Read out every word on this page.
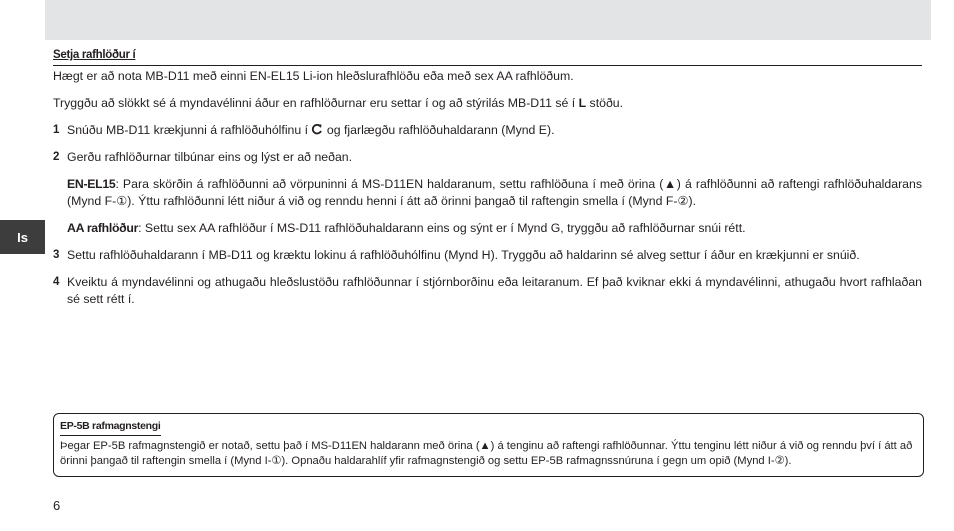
Is
Setja rafhlöður í

Hægt er að nota MB-D11 með einni EN-EL15 Li-ion hleðslurafhlöðu eða með sex AA rafhlöðum.

Tryggðu að slökkt sé á myndavélinni áður en rafhlöðurnar eru settar í og að stýrilás MB-D11 sé í L stöðu.

1 Snúðu MB-D11 krækjunni á rafhlöðuhólfinu í  og fjarlægðu rafhlöðuhaldarann (Mynd E).
2 Gerðu rafhlöðurnar tilbúnar eins og lýst er að neðan.

EN-EL15: Para skörðin á rafhlöðunni að vörpuninni á MS-D11EN haldaranum, settu rafhlöðuna í með örina (▲) á rafhlöðunni að raftengi rafhlöðuhaldarans (Mynd F-①). Ýttu rafhlöðunni létt niður á við og renndu henni í átt að örinni þangað til raftengin smella í (Mynd F-②).

AA rafhlöður: Settu sex AA rafhlöður í MS-D11 rafhlöðuhaldarann eins og sýnt er í Mynd G, tryggðu að rafhlöðurnar snúi rétt.

3 Settu rafhlöðuhaldarann í MB-D11 og kræktu lokinu á rafhlöðuhólfinu (Mynd H). Tryggðu að haldarinn sé alveg settur í áður en krækjunni er snúið.
4 Kveiktu á myndavélinni og athugaðu hleðslustöðu rafhlöðunnar í stjórnborðinu eða leitaranum. Ef það kviknar ekki á myndavélinni, athugaðu hvort rafhlaðan sé sett rétt í.
EP-5B rafmagnstengi

Þegar EP-5B rafmagnstengið er notað, settu það í MS-D11EN haldarann með örina (▲) á tenginu að raftengi rafhlöðunnar. Ýttu tenginu létt niður á við og renndu því í átt að örinni þangað til raftengin smella í (Mynd I-①). Opnaðu haldarahlíf yfir rafmagnstengið og settu EP-5B rafmagnssnúruna í gegn um opið (Mynd I-②).

6
